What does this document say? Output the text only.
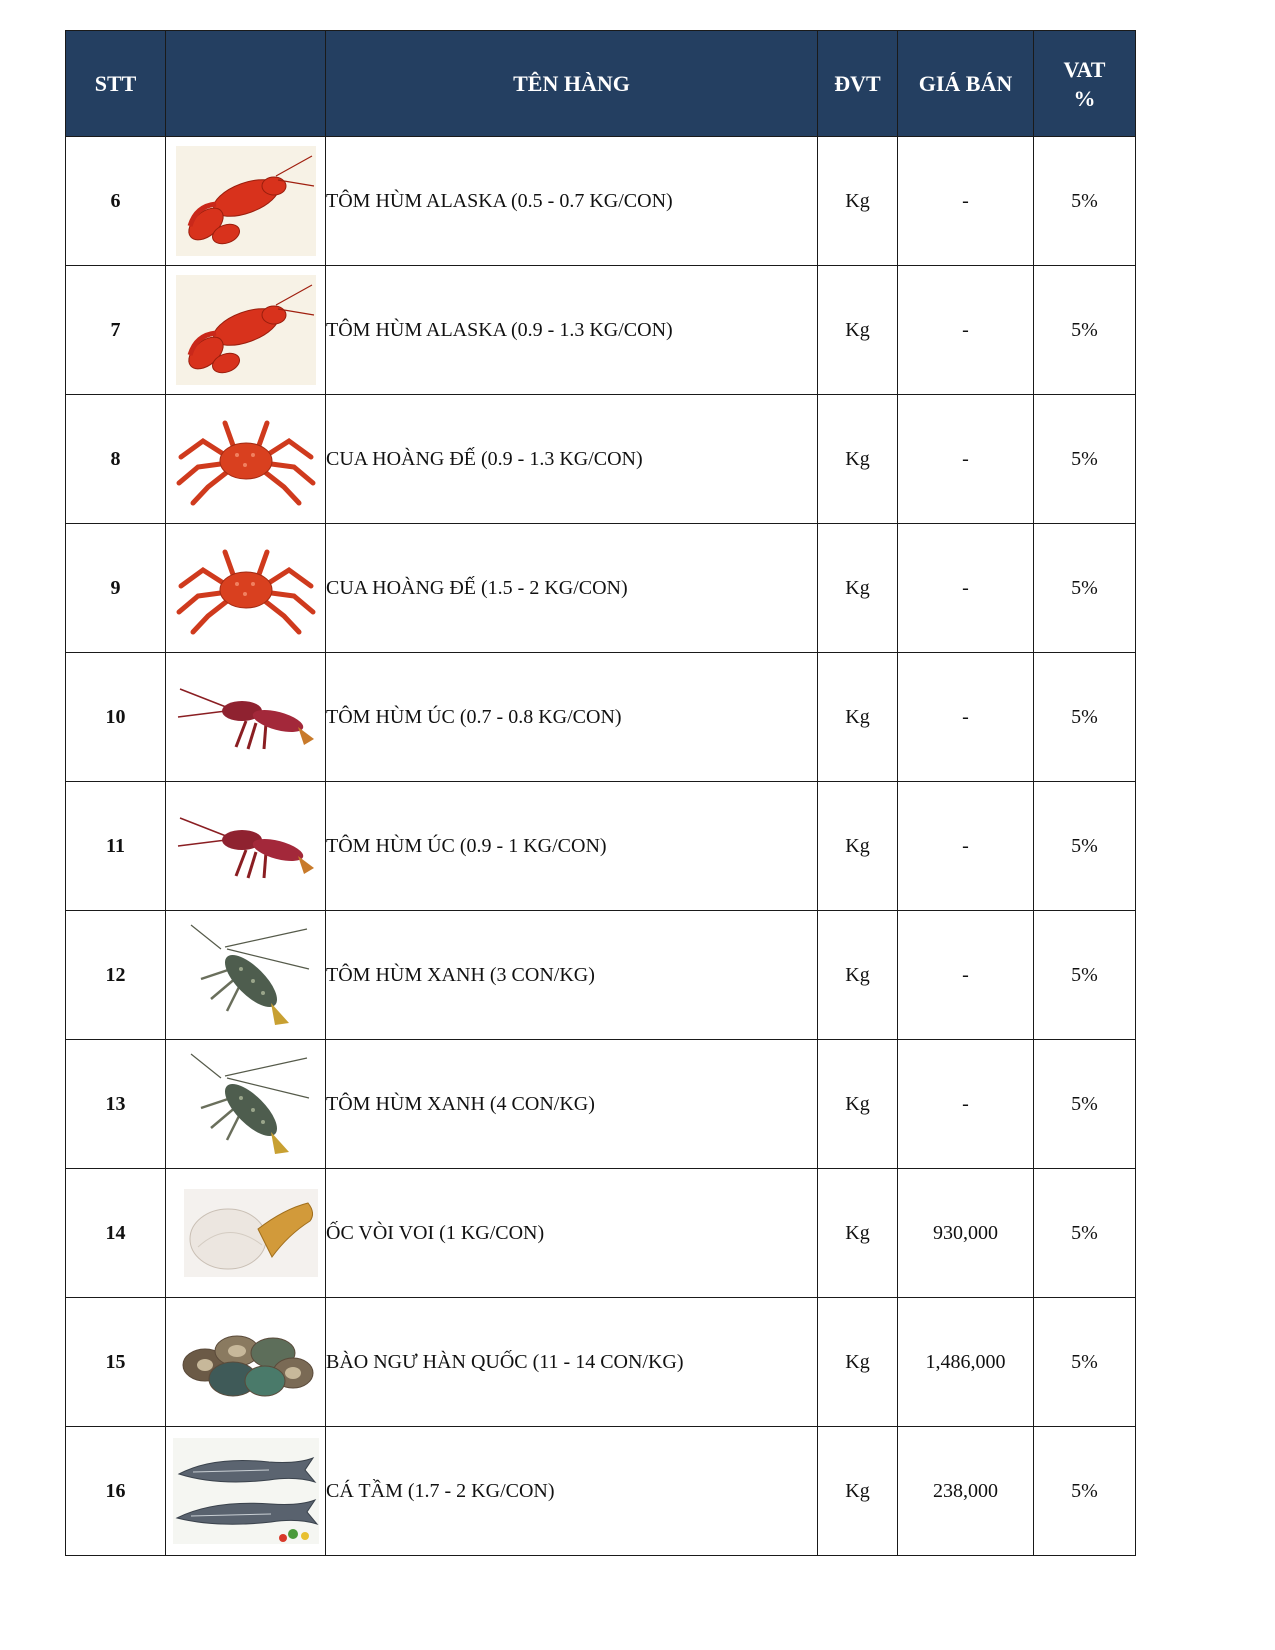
STT		TÊN HÀNG	ĐVT	GIÁ BÁN	VAT %

6		TÔM HÙM ALASKA (0.5 - 0.7 KG/CON)	Kg	-	5%
7		TÔM HÙM ALASKA (0.9 - 1.3 KG/CON)	Kg	-	5%
8		CUA HOÀNG ĐẾ (0.9 - 1.3 KG/CON)	Kg	-	5%
9		CUA HOÀNG ĐẾ (1.5 - 2 KG/CON)	Kg	-	5%
10		TÔM HÙM ÚC (0.7 - 0.8 KG/CON)	Kg	-	5%
11		TÔM HÙM ÚC (0.9 - 1 KG/CON)	Kg	-	5%
12		TÔM HÙM XANH (3 CON/KG)	Kg	-	5%
13		TÔM HÙM XANH (4 CON/KG)	Kg	-	5%
14		ỐC VÒI VOI (1 KG/CON)	Kg	930,000	5%
15		BÀO NGƯ HÀN QUỐC (11 - 14 CON/KG)	Kg	1,486,000	5%
16		CÁ TẦM (1.7 - 2 KG/CON)	Kg	238,000	5%
